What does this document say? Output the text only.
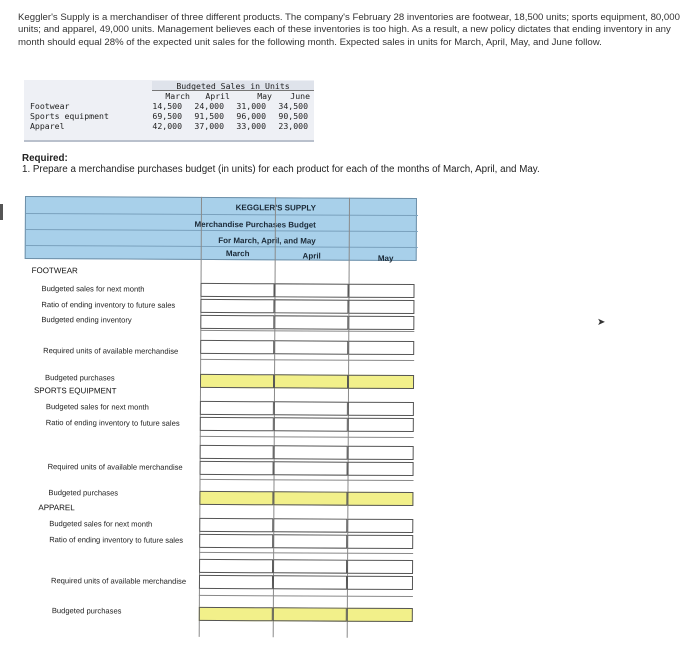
Keggler's Supply is a merchandiser of three different products. The company's February 28 inventories are footwear, 18,500 units; sports equipment, 80,000 units; and apparel, 49,000 units. Management believes each of these inventories is too high. As a result, a new policy dictates that ending inventory in any month should equal 28% of the expected unit sales for the following month. Expected sales in units for March, April, May, and June follow.
Budgeted Sales in Units
March	April	May	June
Footwear	14,500	24,000	31,000	34,500
Sports equipment	69,500	91,500	96,000	90,500
Apparel	42,000	37,000	33,000	23,000
Required:
1. Prepare a merchandise purchases budget (in units) for each product for each of the months of March, April, and May.
➤
KEGGLER'S SUPPLY
Merchandise Purchases Budget
For March, April, and May
March	April	May
FOOTWEAR
Budgeted sales for next month
Ratio of ending inventory to future sales
Budgeted ending inventory
Required units of available merchandise
Budgeted purchases
SPORTS EQUIPMENT
Budgeted sales for next month
Ratio of ending inventory to future sales
Required units of available merchandise
Budgeted purchases
APPAREL
Budgeted sales for next month
Ratio of ending inventory to future sales
Required units of available merchandise
Budgeted purchases
